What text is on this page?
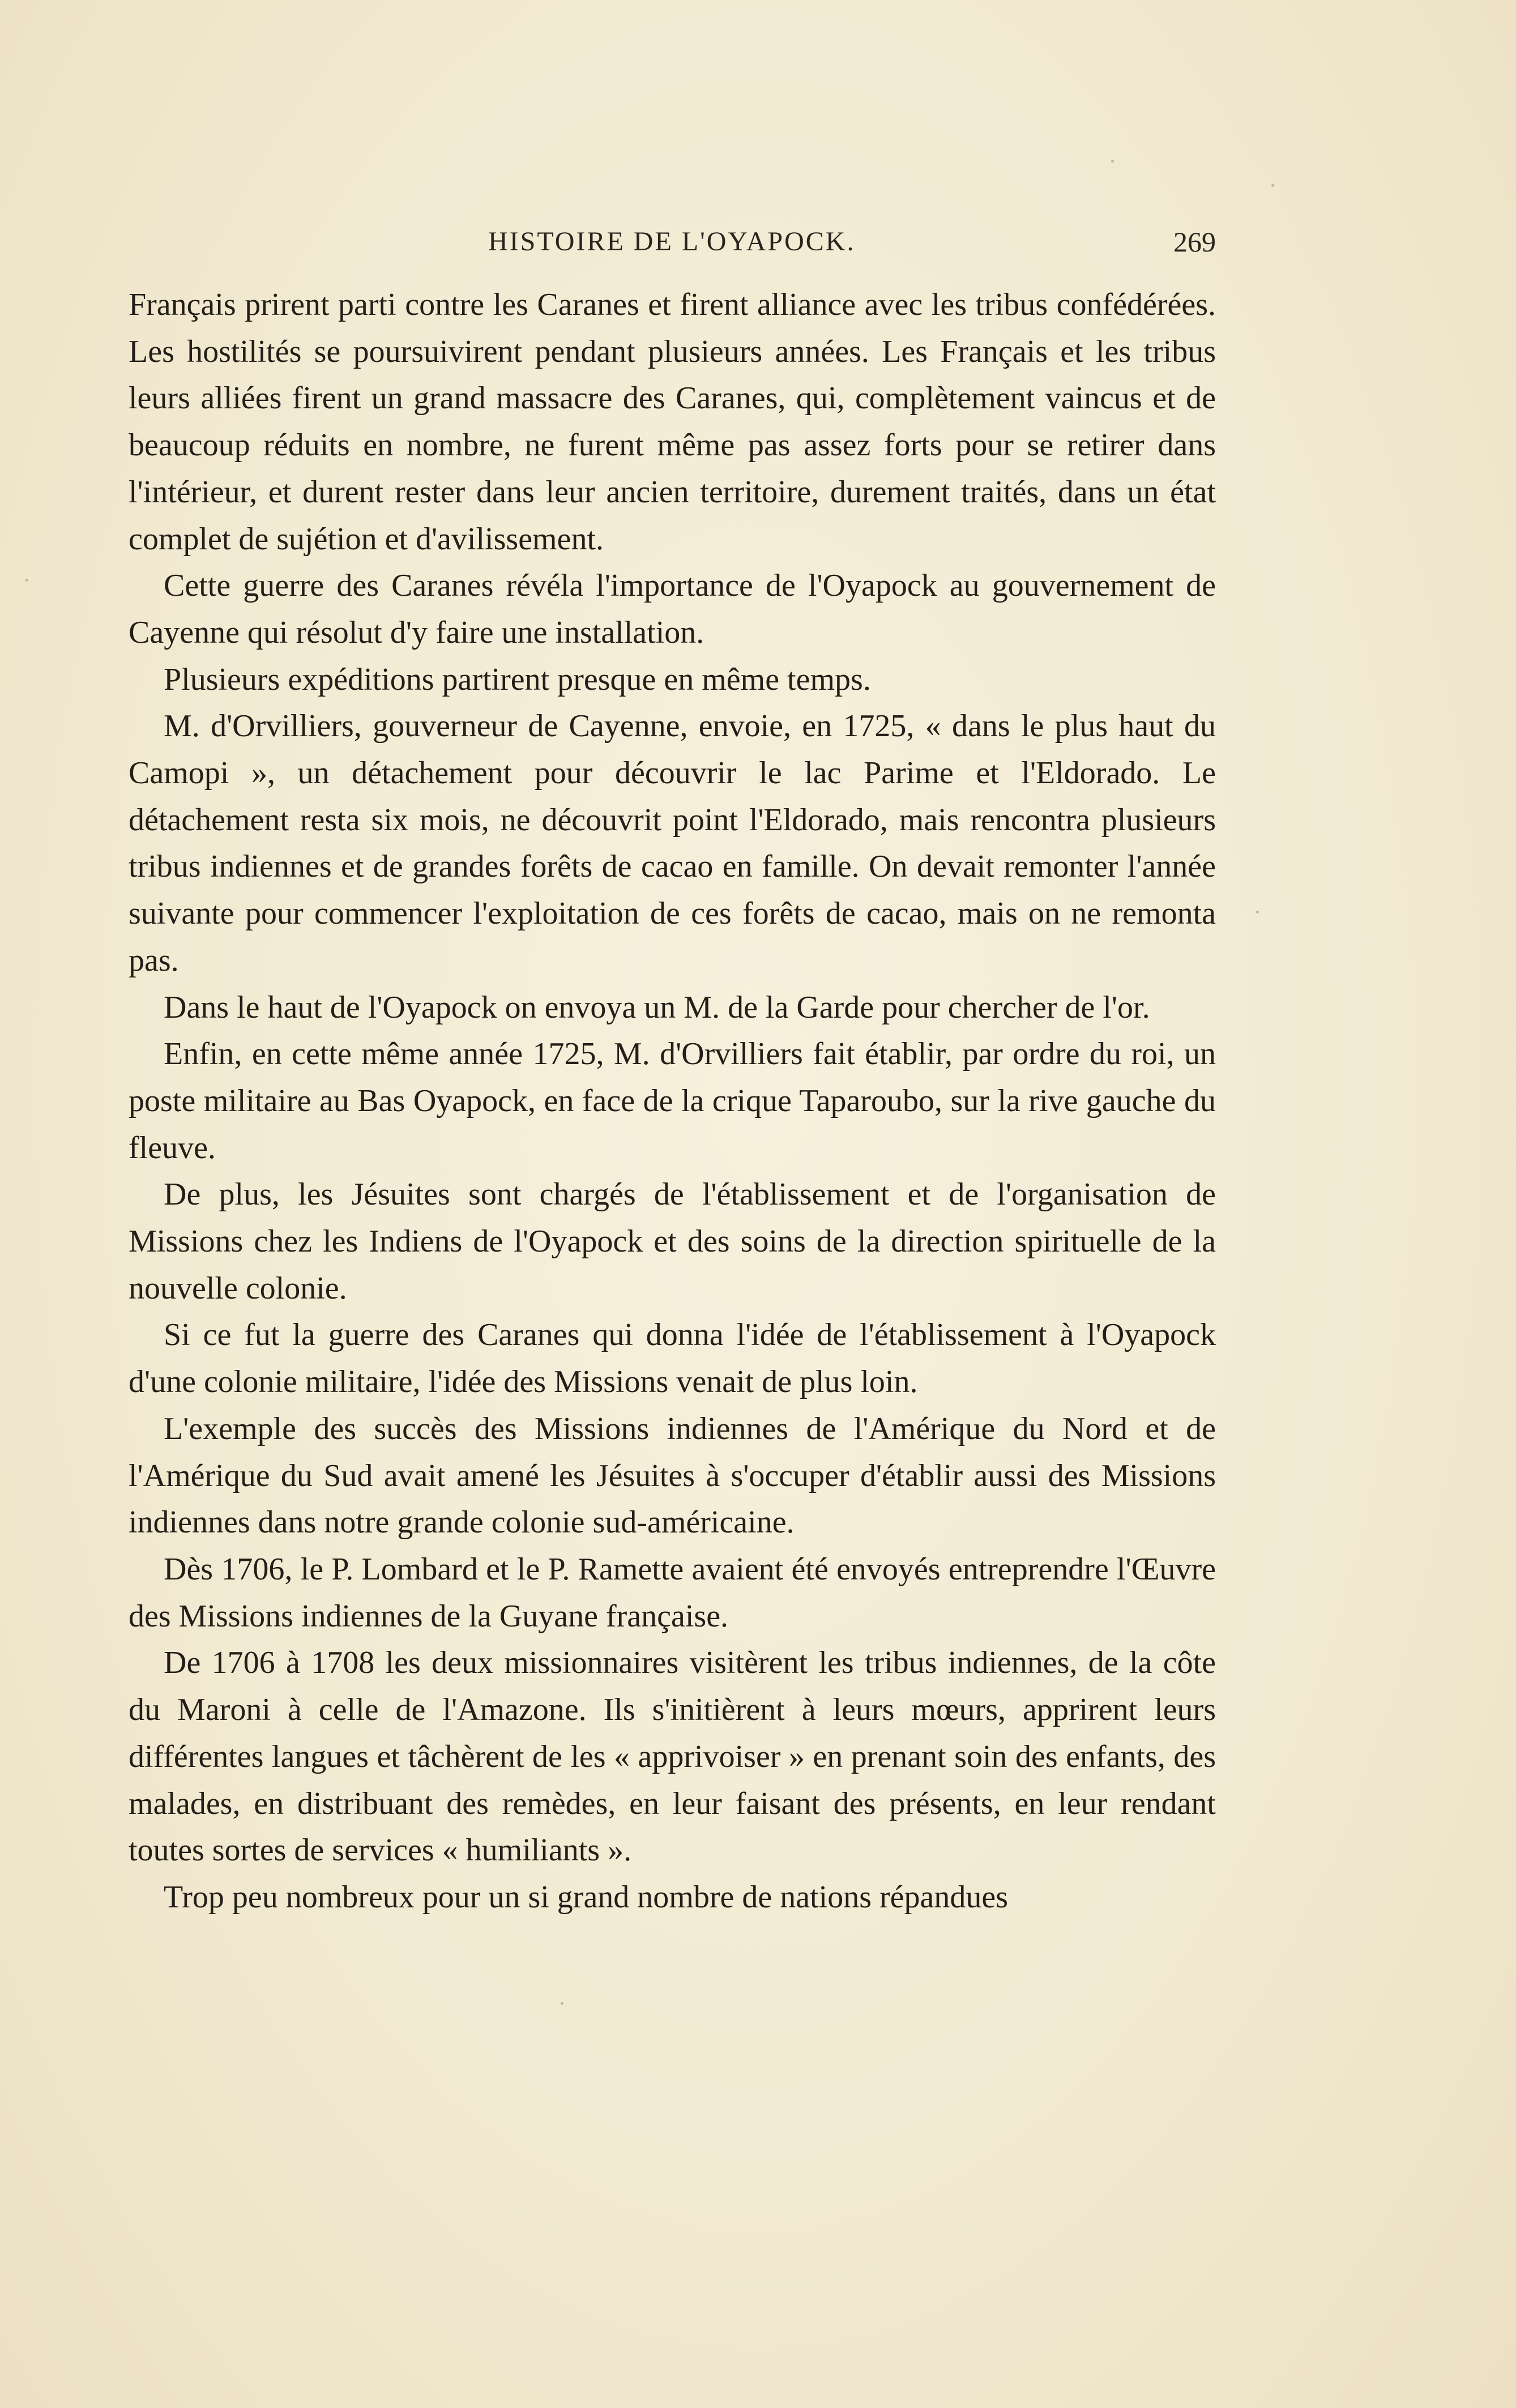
HISTOIRE DE L'OYAPOCK.	269

Français prirent parti contre les Caranes et firent alliance avec les tribus confédérées. Les hostilités se poursuivirent pendant plusieurs années. Les Français et les tribus leurs alliées firent un grand massacre des Caranes, qui, complètement vaincus et de beaucoup réduits en nombre, ne furent même pas assez forts pour se retirer dans l'intérieur, et durent rester dans leur ancien territoire, durement traités, dans un état complet de sujétion et d'avilissement.

Cette guerre des Caranes révéla l'importance de l'Oyapock au gouvernement de Cayenne qui résolut d'y faire une installation.

Plusieurs expéditions partirent presque en même temps.

M. d'Orvilliers, gouverneur de Cayenne, envoie, en 1725, « dans le plus haut du Camopi », un détachement pour découvrir le lac Parime et l'Eldorado. Le détachement resta six mois, ne découvrit point l'Eldorado, mais rencontra plusieurs tribus indiennes et de grandes forêts de cacao en famille. On devait remonter l'année suivante pour commencer l'exploitation de ces forêts de cacao, mais on ne remonta pas.

Dans le haut de l'Oyapock on envoya un M. de la Garde pour chercher de l'or.

Enfin, en cette même année 1725, M. d'Orvilliers fait établir, par ordre du roi, un poste militaire au Bas Oyapock, en face de la crique Taparoubo, sur la rive gauche du fleuve.

De plus, les Jésuites sont chargés de l'établissement et de l'organisation de Missions chez les Indiens de l'Oyapock et des soins de la direction spirituelle de la nouvelle colonie.

Si ce fut la guerre des Caranes qui donna l'idée de l'établissement à l'Oyapock d'une colonie militaire, l'idée des Missions venait de plus loin.

L'exemple des succès des Missions indiennes de l'Amérique du Nord et de l'Amérique du Sud avait amené les Jésuites à s'occuper d'établir aussi des Missions indiennes dans notre grande colonie sud-américaine.

Dès 1706, le P. Lombard et le P. Ramette avaient été envoyés entreprendre l'Œuvre des Missions indiennes de la Guyane française.

De 1706 à 1708 les deux missionnaires visitèrent les tribus indiennes, de la côte du Maroni à celle de l'Amazone. Ils s'initièrent à leurs mœurs, apprirent leurs différentes langues et tâchèrent de les « apprivoiser » en prenant soin des enfants, des malades, en distribuant des remèdes, en leur faisant des présents, en leur rendant toutes sortes de services « humiliants ».

Trop peu nombreux pour un si grand nombre de nations répandues
